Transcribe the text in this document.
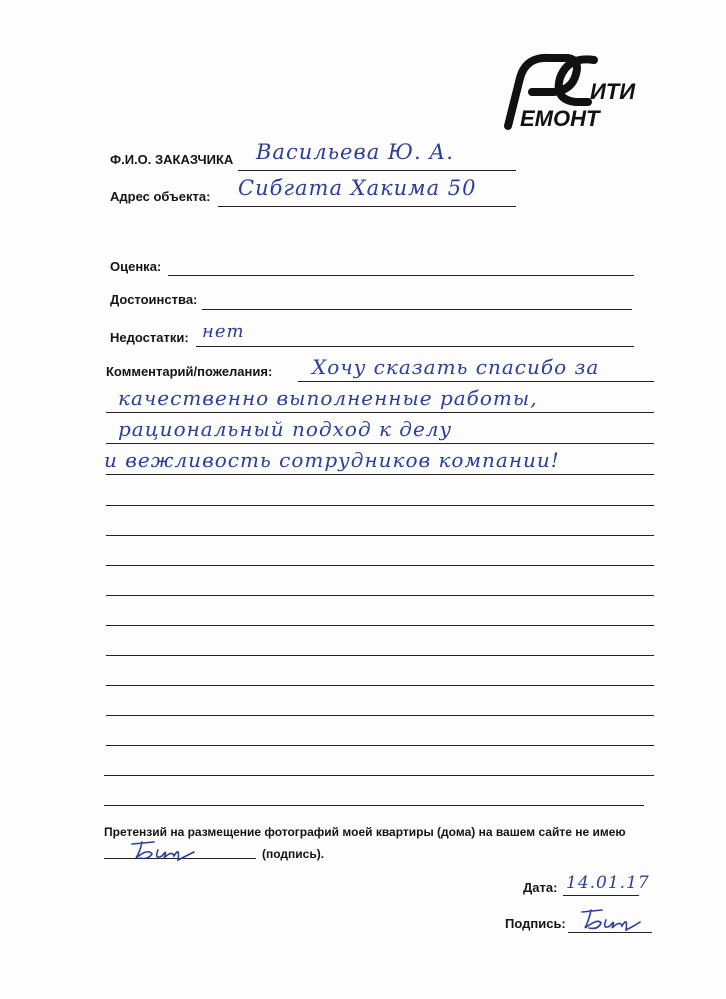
ИТИ
ЕМОНТ
Ф.И.О. ЗАКАЗЧИКА Васильева Ю. А.
Адрес объекта: Сибгата Хакима 50
Оценка:
Достоинства:
Недостатки: нет
Комментарий/пожелания: Хочу сказать спасибо за
качественно выполненные работы,
рациональный подход к делу
и вежливость сотрудников компании!
Претензий на размещение фотографий моей квартиры (дома) на вашем сайте не имею
(подпись).
Дата: 14.01.17
Подпись:
